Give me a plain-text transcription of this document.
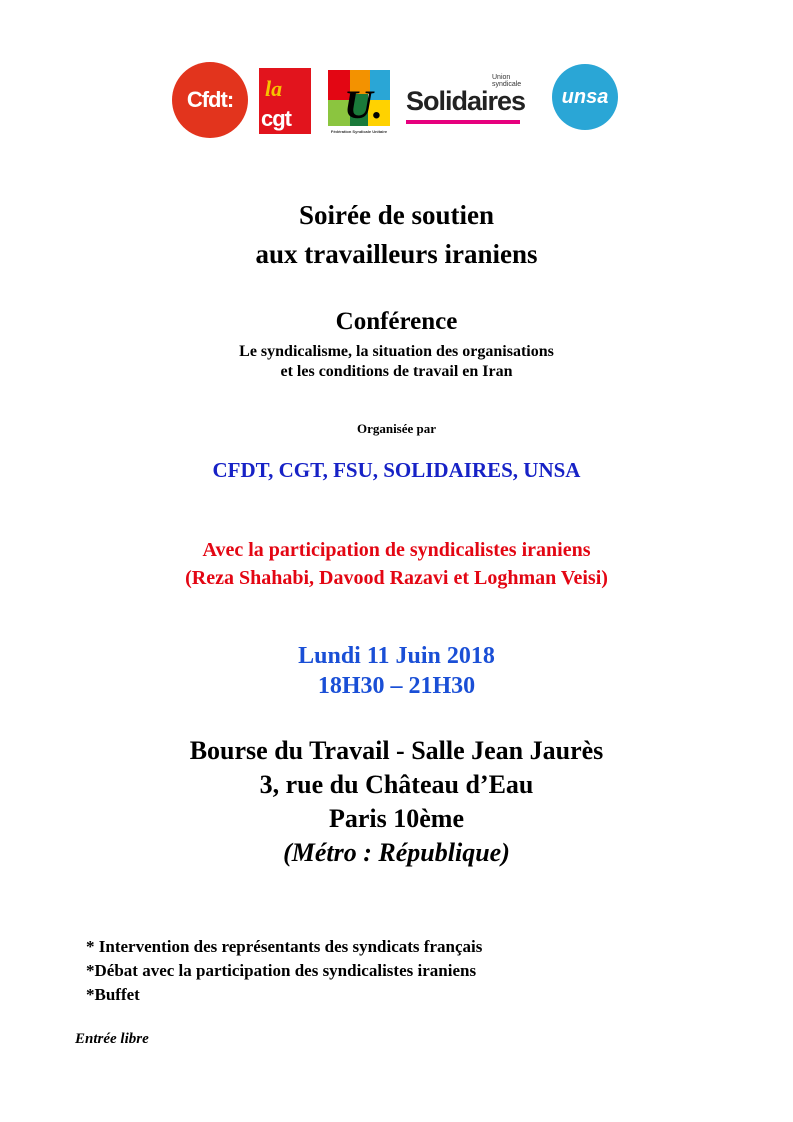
Cfdt: la
cgt U.
Fédération Syndicale Unitaire
Union syndicale
Solidaires unsa
Soirée de soutien
aux travailleurs iraniens
Conférence
Le syndicalisme, la situation des organisations
et les conditions de travail en Iran
Organisée par
CFDT, CGT, FSU, SOLIDAIRES, UNSA
Avec la participation de syndicalistes iraniens
(Reza Shahabi, Davood Razavi et Loghman Veisi)
Lundi 11 Juin 2018
18H30 – 21H30
Bourse du Travail - Salle Jean Jaurès
3, rue du Château d’Eau
Paris 10ème
(Métro : République)
* Intervention des représentants des syndicats français
*Débat avec la participation des syndicalistes iraniens
*Buffet
Entrée libre
